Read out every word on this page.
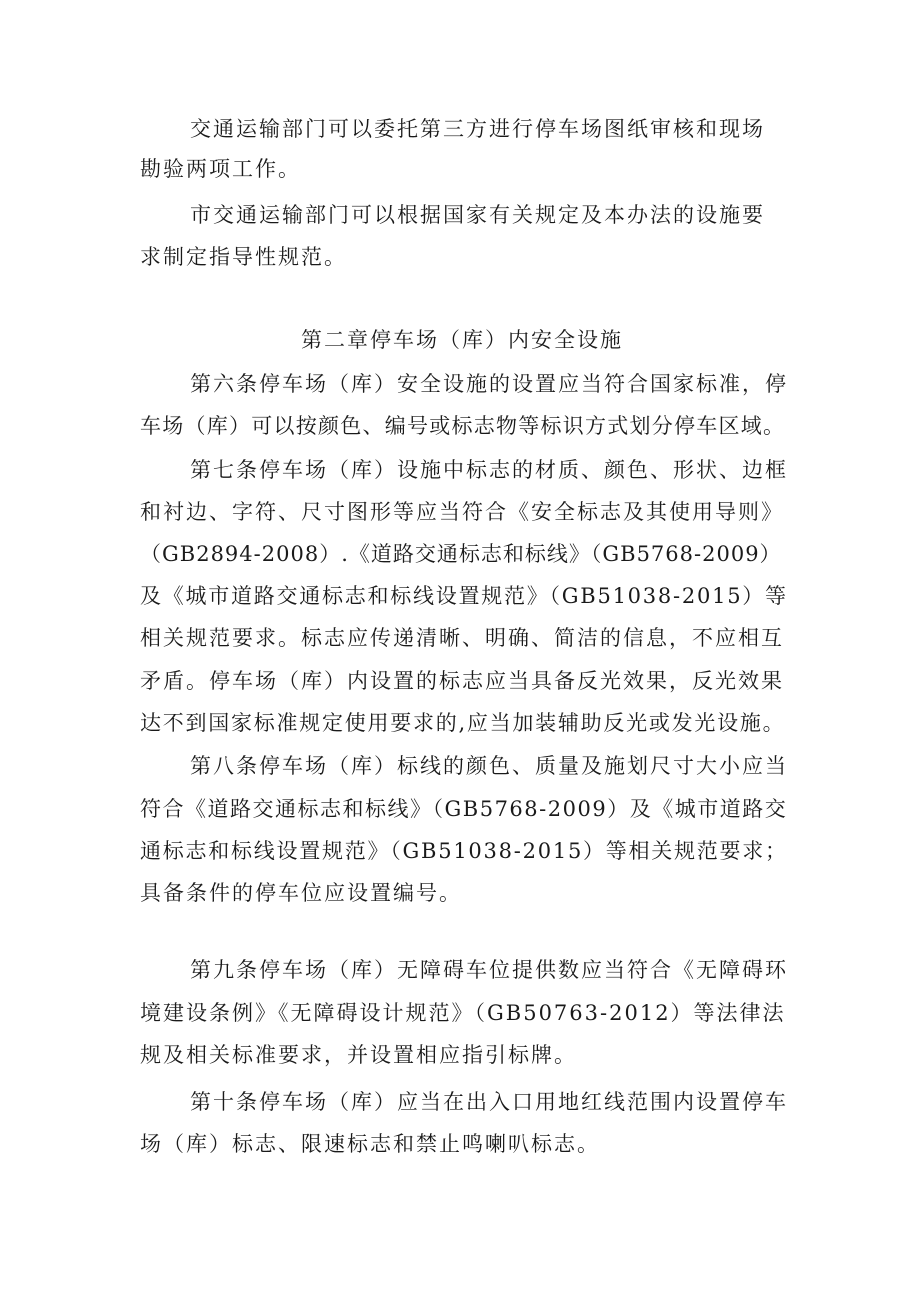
交通运输部门可以委托第三方进行停车场图纸审核和现场
勘验两项工作。
市交通运输部门可以根据国家有关规定及本办法的设施要
求制定指导性规范。
第二章停车场（库）内安全设施
第六条停车场（库）安全设施的设置应当符合国家标准，停
车场（库）可以按颜色、编号或标志物等标识方式划分停车区域。
第七条停车场（库）设施中标志的材质、颜色、形状、边框
和衬边、字符、尺寸图形等应当符合《安全标志及其使用导则》
（GB2894-2008）.《道路交通标志和标线》（GB5768-2009）
及《城市道路交通标志和标线设置规范》（GB51038-2015）等
相关规范要求。标志应传递清晰、明确、简洁的信息，不应相互
矛盾。停车场（库）内设置的标志应当具备反光效果，反光效果
达不到国家标准规定使用要求的,应当加装辅助反光或发光设施。
第八条停车场（库）标线的颜色、质量及施划尺寸大小应当
符合《道路交通标志和标线》（GB5768-2009）及《城市道路交
通标志和标线设置规范》（GB51038-2015）等相关规范要求；
具备条件的停车位应设置编号。
第九条停车场（库）无障碍车位提供数应当符合《无障碍环
境建设条例》《无障碍设计规范》（GB50763-2012）等法律法
规及相关标准要求，并设置相应指引标牌。
第十条停车场（库）应当在出入口用地红线范围内设置停车
场（库）标志、限速标志和禁止鸣喇叭标志。
